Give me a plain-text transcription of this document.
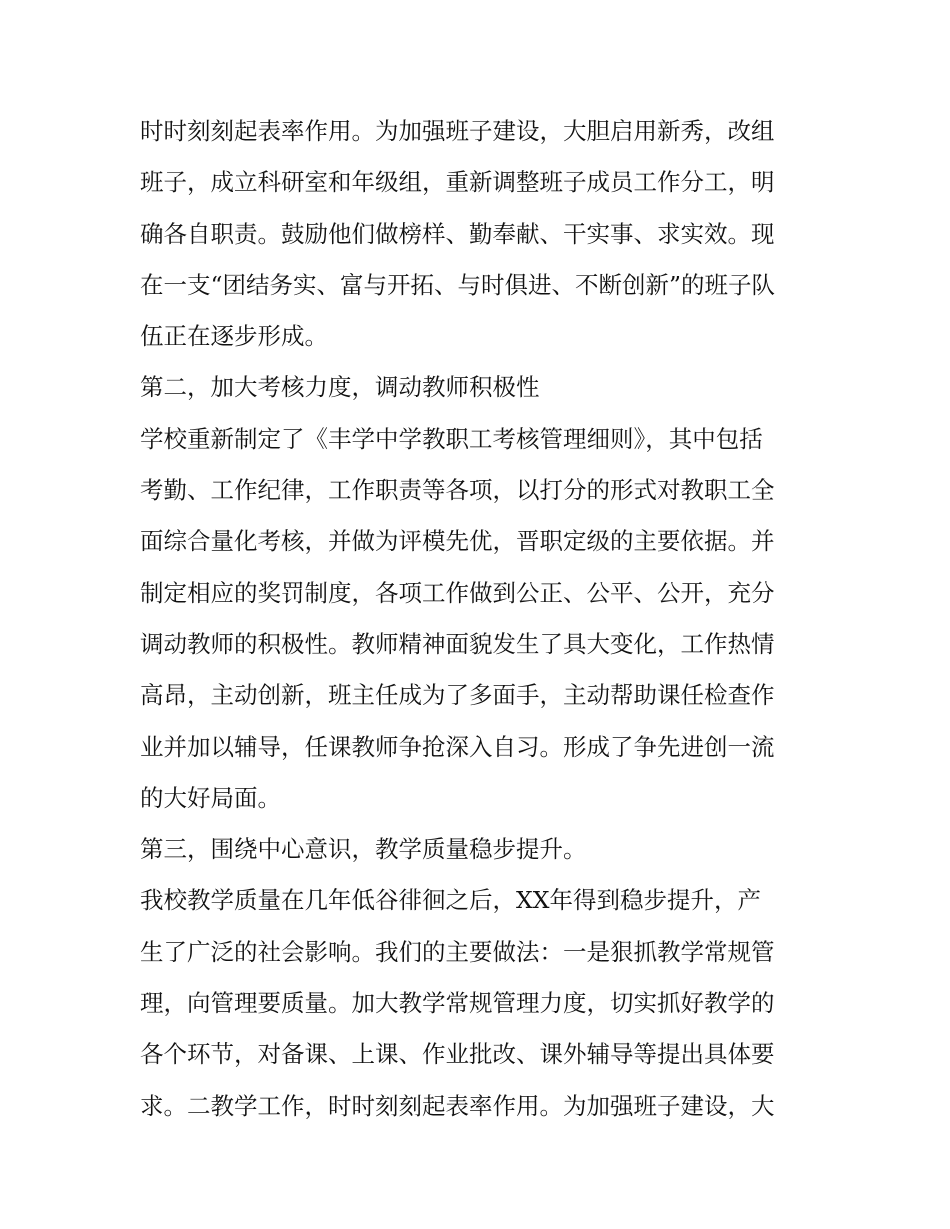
时时刻刻起表率作用。为加强班子建设，大胆启用新秀，改组
班子，成立科研室和年级组，重新调整班子成员工作分工，明
确各自职责。鼓励他们做榜样、勤奉献、干实事、求实效。现
在一支“团结务实、富与开拓、与时俱进、不断创新”的班子队
伍正在逐步形成。
第二，加大考核力度，调动教师积极性
学校重新制定了《丰学中学教职工考核管理细则》，其中包括
考勤、工作纪律，工作职责等各项，以打分的形式对教职工全
面综合量化考核，并做为评模先优，晋职定级的主要依据。并
制定相应的奖罚制度，各项工作做到公正、公平、公开，充分
调动教师的积极性。教师精神面貌发生了具大变化，工作热情
高昂，主动创新，班主任成为了多面手，主动帮助课任检查作
业并加以辅导，任课教师争抢深入自习。形成了争先进创一流
的大好局面。
第三，围绕中心意识，教学质量稳步提升。
我校教学质量在几年低谷徘徊之后，XX年得到稳步提升，产
生了广泛的社会影响。我们的主要做法：一是狠抓教学常规管
理，向管理要质量。加大教学常规管理力度，切实抓好教学的
各个环节，对备课、上课、作业批改、课外辅导等提出具体要
求。二教学工作，时时刻刻起表率作用。为加强班子建设，大
